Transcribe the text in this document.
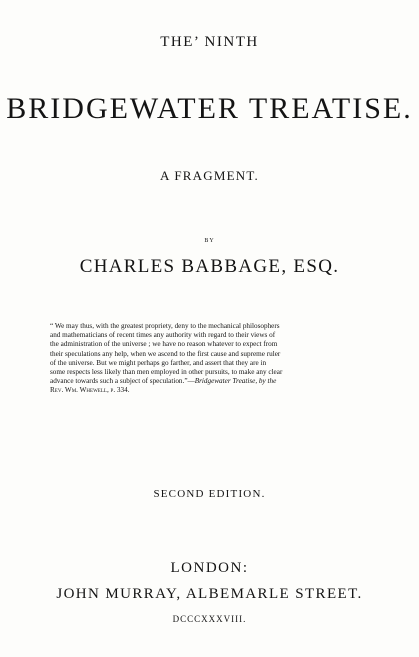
THE’ NINTH
BRIDGEWATER TREATISE.
A FRAGMENT.
BY
CHARLES BABBAGE, ESQ.
“ We may thus, with the greatest propriety, deny to the mechanical philosophers
and mathematicians of recent times any authority with regard to their views of
the administration of the universe ; we have no reason whatever to expect from
their speculations any help, when we ascend to the first cause and supreme ruler
of the universe. But we might perhaps go farther, and assert that they are in
some respects less likely than men employed in other pursuits, to make any clear
advance towards such a subject of speculation.”—Bridgewater Treatise, by the
Rev. Wm. Whewell, p. 334.
SECOND EDITION.
LONDON:
JOHN MURRAY, ALBEMARLE STREET.
DCCCXXXVIII.
